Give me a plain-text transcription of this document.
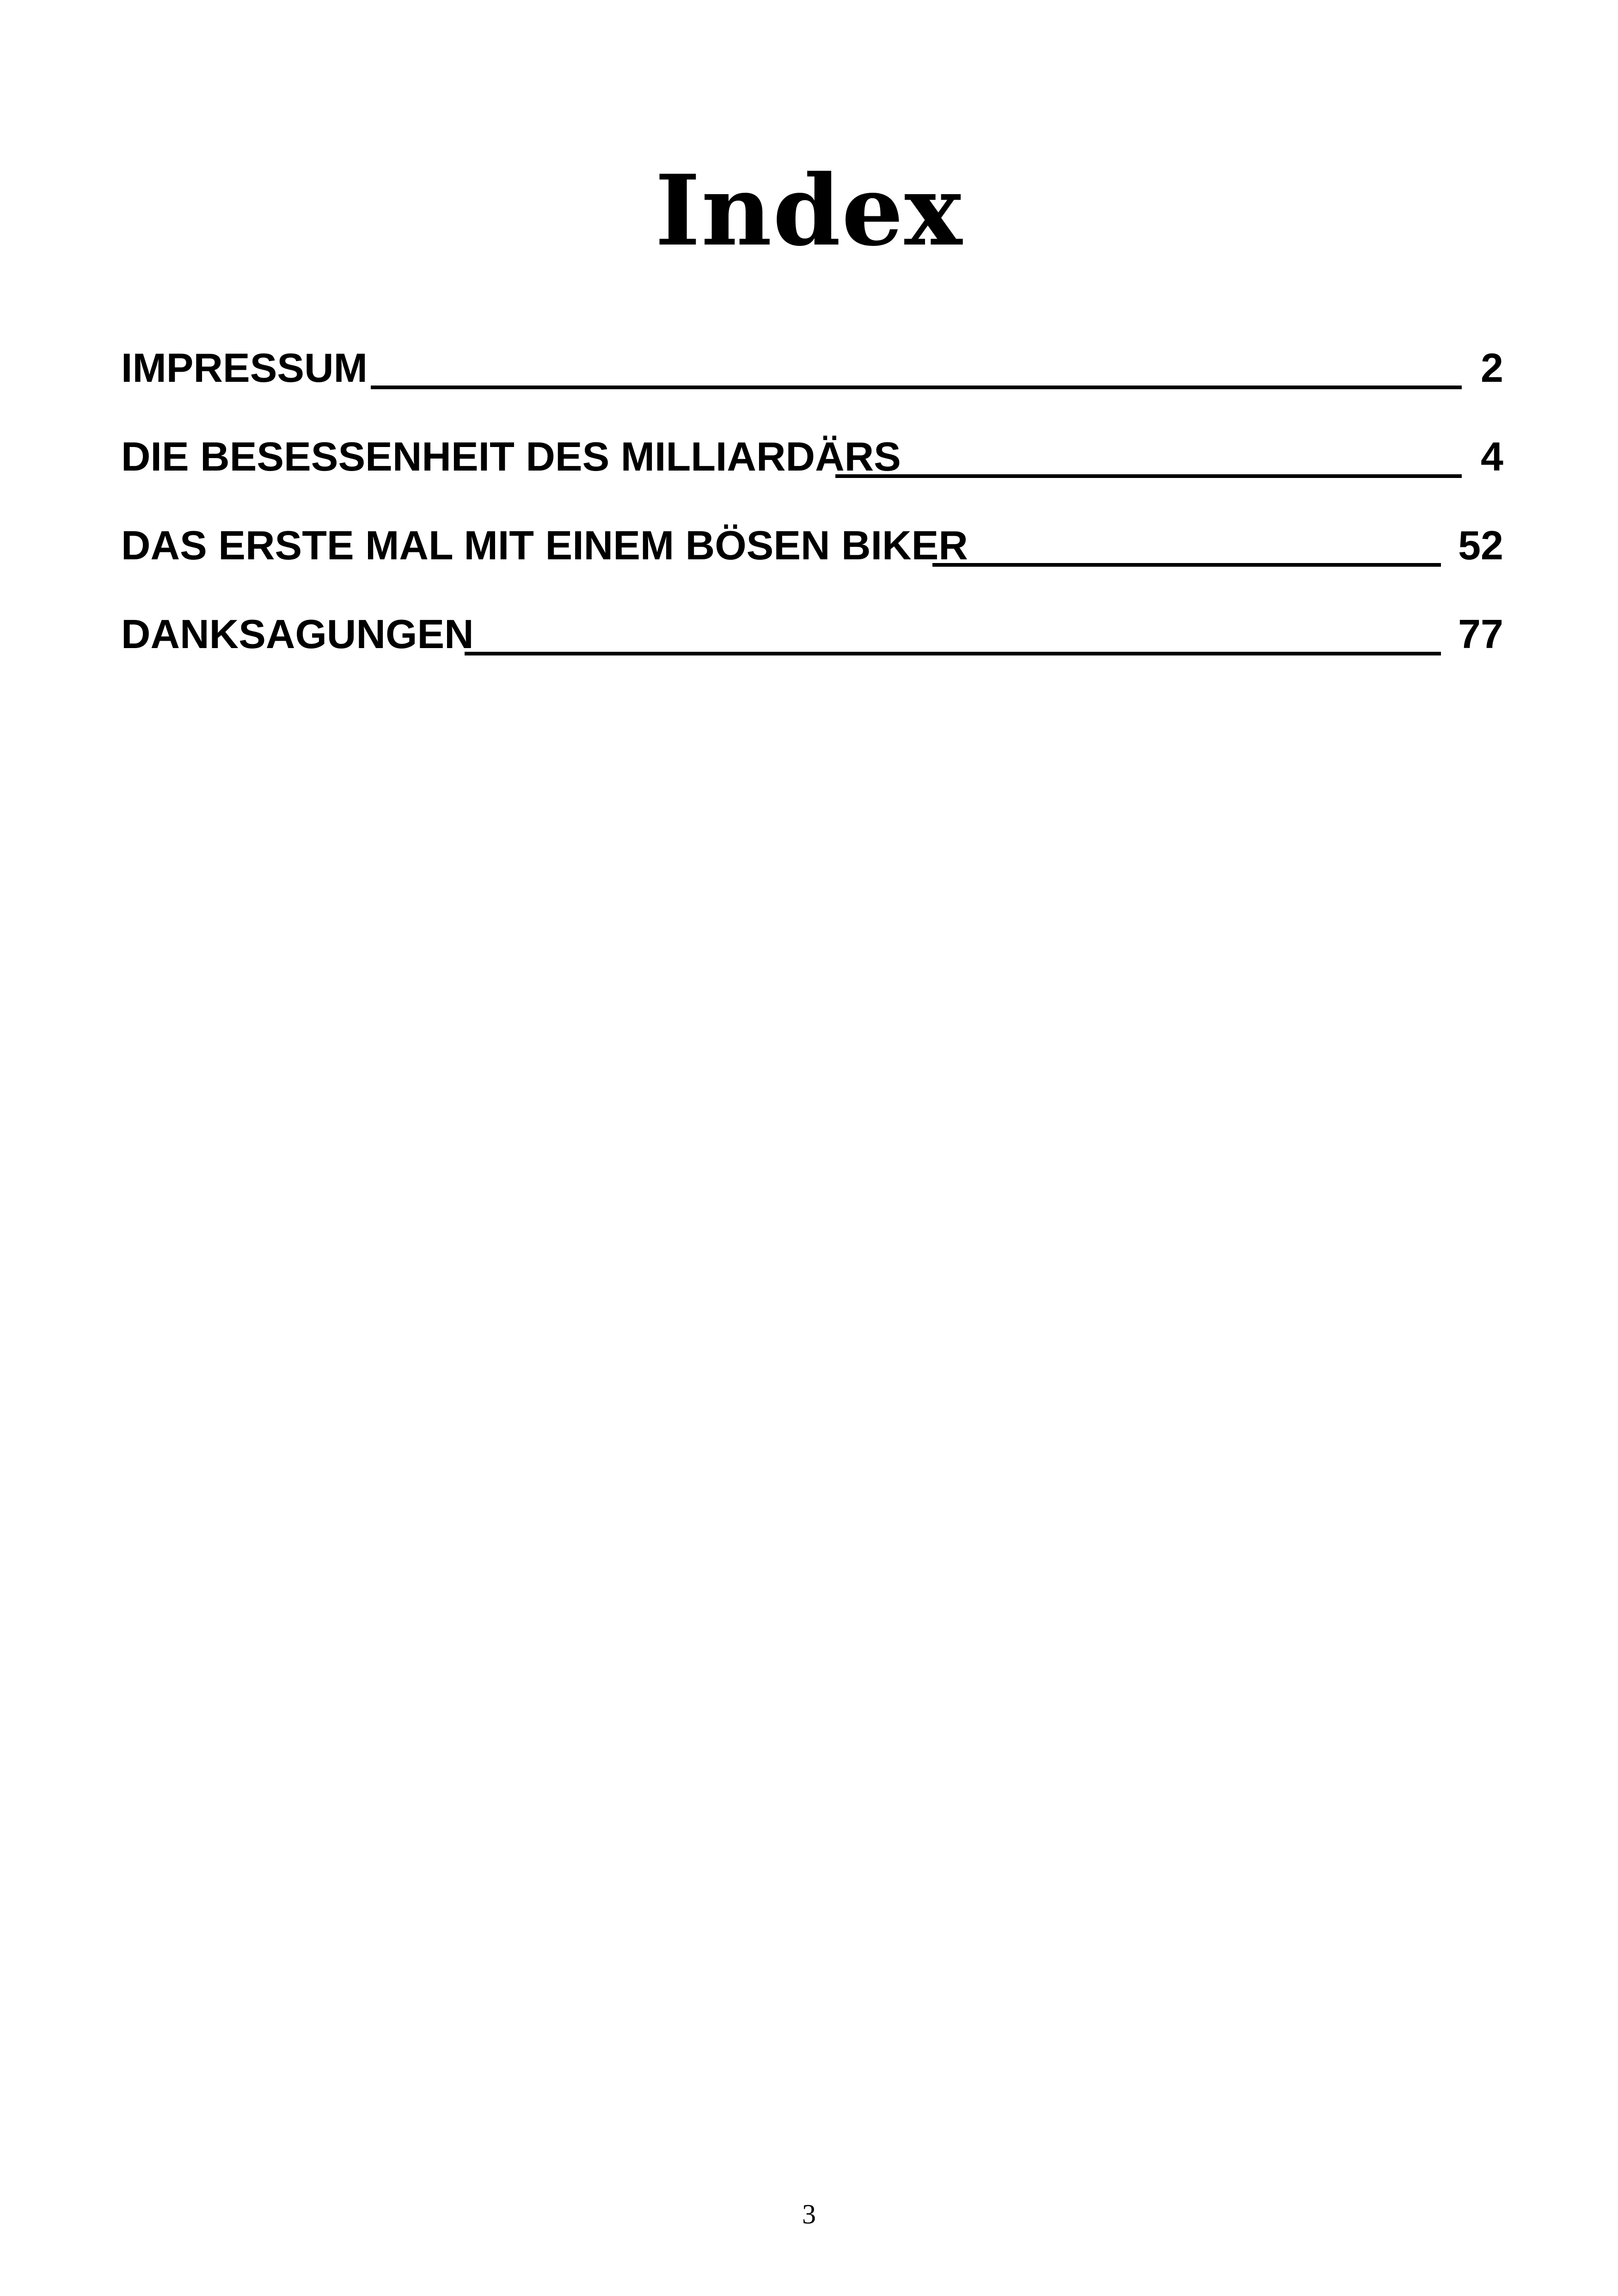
Index
IMPRESSUM	2
DIE BESESSENHEIT DES MILLIARDÄRS	4
DAS ERSTE MAL MIT EINEM BÖSEN BIKER	52
DANKSAGUNGEN	77
3
